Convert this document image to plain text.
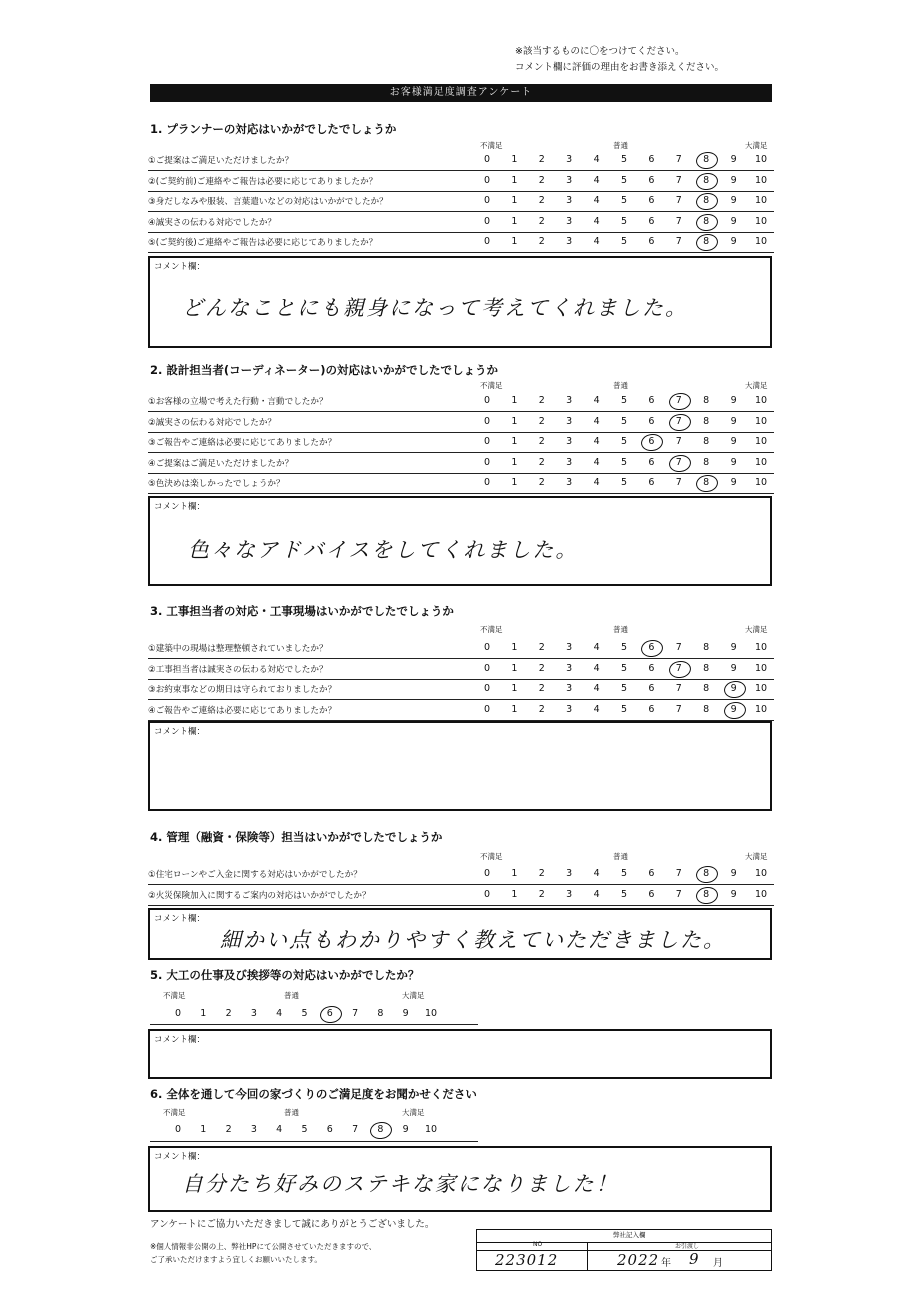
※該当するものに〇をつけてください。
コメント欄に評価の理由をお書き添えください。
お客様満足度調査アンケート
1. プランナーの対応はいかがでしたでしょうか
不満足	普通	大満足
①ご提案はご満足いただけましたか？	0	1	2	3	4	5	6	7	8	9	10
②(ご契約前)ご連絡やご報告は必要に応じてありましたか？	0	1	2	3	4	5	6	7	8	9	10
③身だしなみや服装、言葉遣いなどの対応はいかがでしたか？	0	1	2	3	4	5	6	7	8	9	10
④誠実さの伝わる対応でしたか？	0	1	2	3	4	5	6	7	8	9	10
⑤(ご契約後)ご連絡やご報告は必要に応じてありましたか？	0	1	2	3	4	5	6	7	8	9	10
コメント欄：
どんなことにも親身になって考えてくれました。
2. 設計担当者(コーディネーター)の対応はいかがでしたでしょうか
不満足	普通	大満足
①お客様の立場で考えた行動・言動でしたか？	0	1	2	3	4	5	6	7	8	9	10
②誠実さの伝わる対応でしたか？	0	1	2	3	4	5	6	7	8	9	10
③ご報告やご連絡は必要に応じてありましたか？	0	1	2	3	4	5	6	7	8	9	10
④ご提案はご満足いただけましたか？	0	1	2	3	4	5	6	7	8	9	10
⑤色決めは楽しかったでしょうか？	0	1	2	3	4	5	6	7	8	9	10
コメント欄：
色々なアドバイスをしてくれました。
3. 工事担当者の対応・工事現場はいかがでしたでしょうか
不満足	普通	大満足
①建築中の現場は整理整頓されていましたか？	0	1	2	3	4	5	6	7	8	9	10
②工事担当者は誠実さの伝わる対応でしたか？	0	1	2	3	4	5	6	7	8	9	10
③お約束事などの期日は守られておりましたか？	0	1	2	3	4	5	6	7	8	9	10
④ご報告やご連絡は必要に応じてありましたか？	0	1	2	3	4	5	6	7	8	9	10
コメント欄：
4. 管理（融資・保険等）担当はいかがでしたでしょうか
不満足	普通	大満足
①住宅ローンやご入金に関する対応はいかがでしたか？	0	1	2	3	4	5	6	7	8	9	10
②火災保険加入に関するご案内の対応はいかがでしたか？	0	1	2	3	4	5	6	7	8	9	10
コメント欄：
細かい点もわかりやすく教えていただきました。
5. 大工の仕事及び挨拶等の対応はいかがでしたか？
不満足	普通	大満足
0	1	2	3	4	5	6	7	8	9	10
コメント欄：
6. 全体を通して今回の家づくりのご満足度をお聞かせください
不満足	普通	大満足
0	1	2	3	4	5	6	7	8	9	10
コメント欄：
自分たち好みのステキな家になりました！
アンケートにご協力いただきまして誠にありがとうございました。
※個人情報非公開の上、弊社HPにて公開させていただきますので、
ご了承いただけますよう宜しくお願いいたします。
弊社記入欄
NO	お引渡し
223012	2022 年 9 月
